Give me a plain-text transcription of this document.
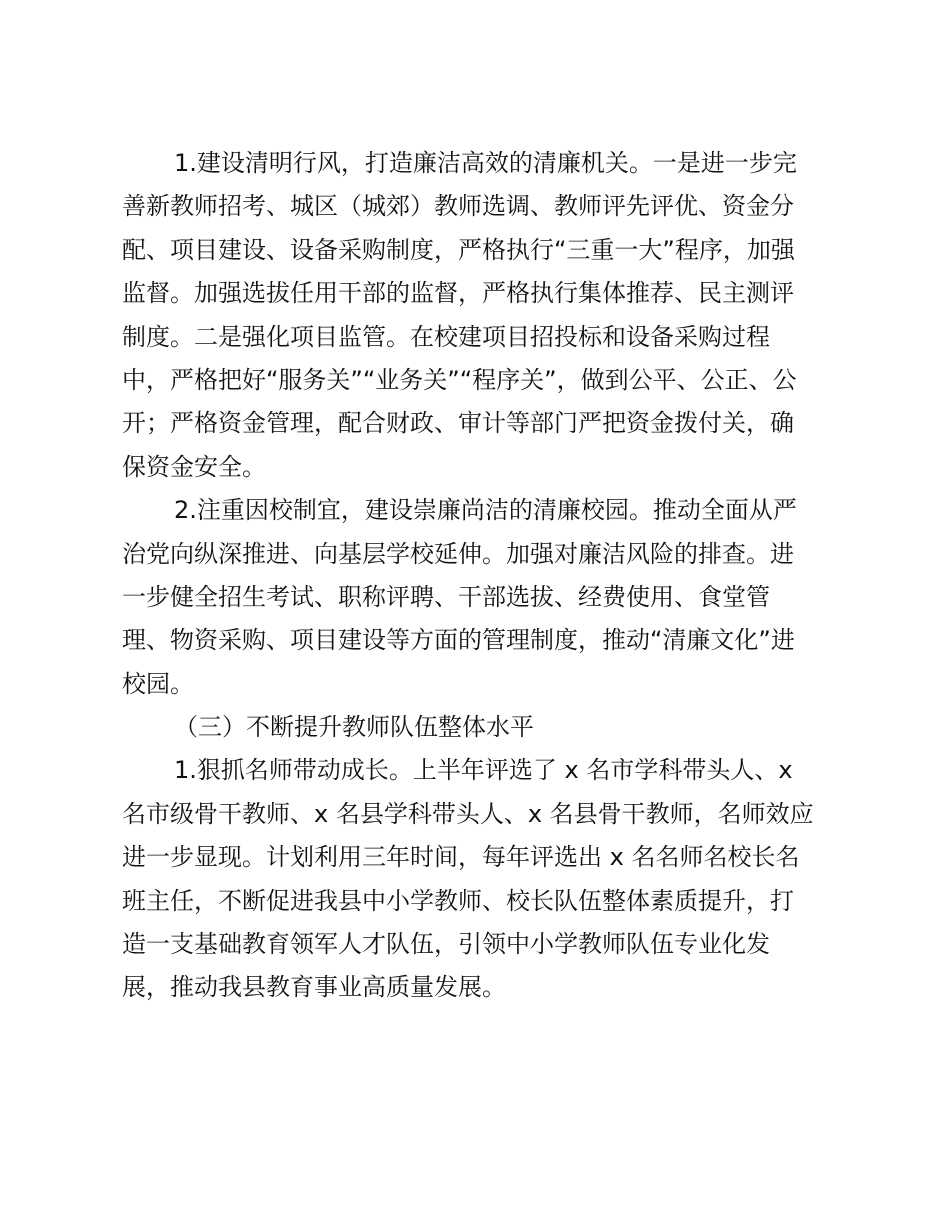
1.建设清明行风，打造廉洁高效的清廉机关。一是进一步完
善新教师招考、城区（城郊）教师选调、教师评先评优、资金分
配、项目建设、设备采购制度，严格执行“三重一大”程序，加强
监督。加强选拔任用干部的监督，严格执行集体推荐、民主测评
制度。二是强化项目监管。在校建项目招投标和设备采购过程
中，严格把好“服务关”“业务关”“程序关”，做到公平、公正、公
开；严格资金管理，配合财政、审计等部门严把资金拨付关，确
保资金安全。
2.注重因校制宜，建设崇廉尚洁的清廉校园。推动全面从严
治党向纵深推进、向基层学校延伸。加强对廉洁风险的排查。进
一步健全招生考试、职称评聘、干部选拔、经费使用、食堂管
理、物资采购、项目建设等方面的管理制度，推动“清廉文化”进
校园。
（三）不断提升教师队伍整体水平
1.狠抓名师带动成长。上半年评选了 x 名市学科带头人、x
名市级骨干教师、x 名县学科带头人、x 名县骨干教师，名师效应
进一步显现。计划利用三年时间，每年评选出 x 名名师名校长名
班主任，不断促进我县中小学教师、校长队伍整体素质提升，打
造一支基础教育领军人才队伍，引领中小学教师队伍专业化发
展，推动我县教育事业高质量发展。
